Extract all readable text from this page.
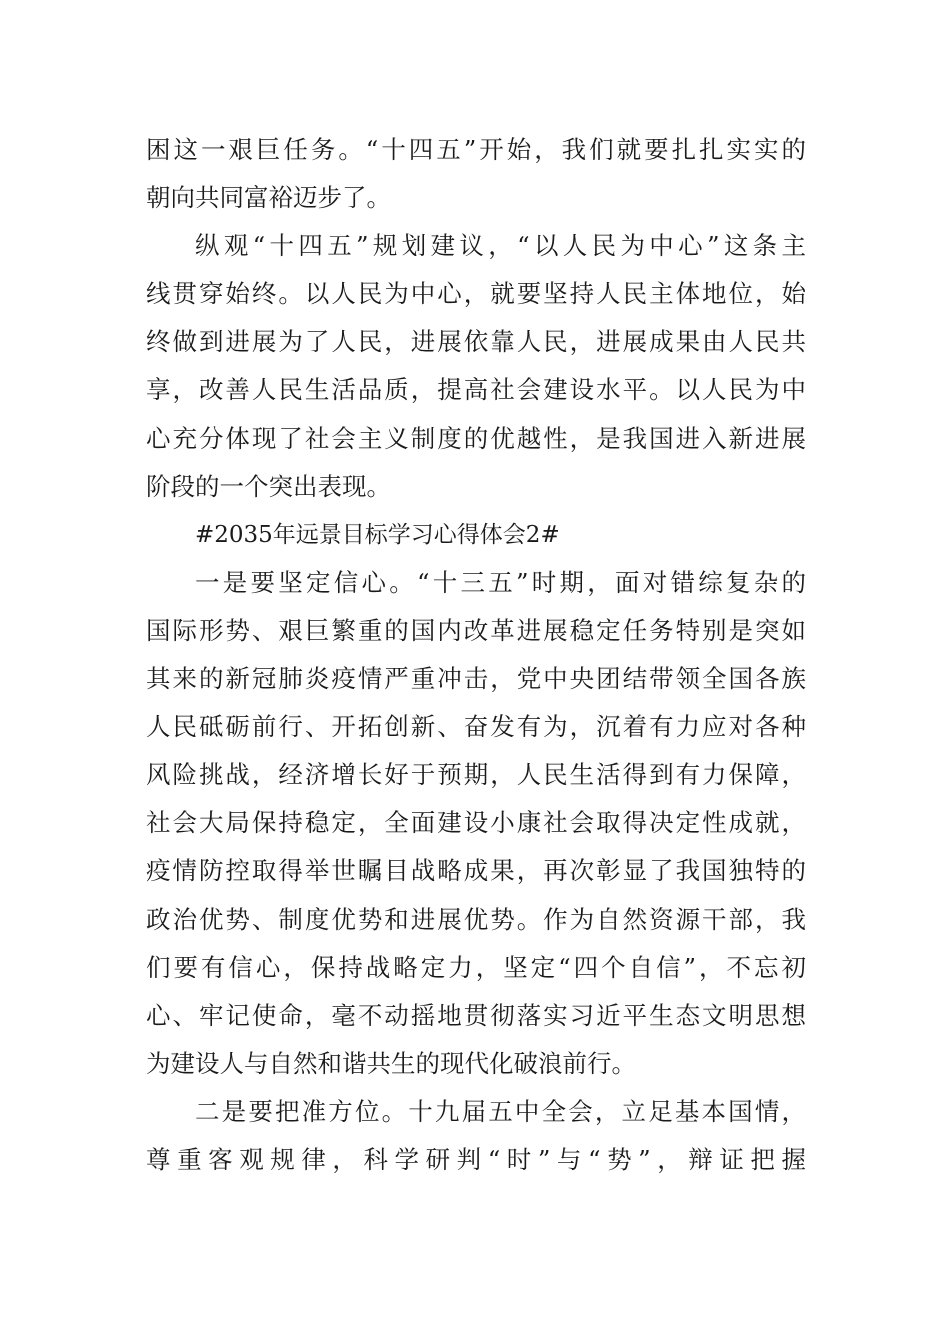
困这一艰巨任务。“十四五”开始，我们就要扎扎实实的
朝向共同富裕迈步了。
纵观“十四五”规划建议，“以人民为中心”这条主
线贯穿始终。以人民为中心，就要坚持人民主体地位，始
终做到进展为了人民，进展依靠人民，进展成果由人民共
享，改善人民生活品质，提高社会建设水平。以人民为中
心充分体现了社会主义制度的优越性，是我国进入新进展
阶段的一个突出表现。
#2035年远景目标学习心得体会2#
一是要坚定信心。“十三五”时期，面对错综复杂的
国际形势、艰巨繁重的国内改革进展稳定任务特别是突如
其来的新冠肺炎疫情严重冲击，党中央团结带领全国各族
人民砥砺前行、开拓创新、奋发有为，沉着有力应对各种
风险挑战，经济增长好于预期，人民生活得到有力保障，
社会大局保持稳定，全面建设小康社会取得决定性成就，
疫情防控取得举世瞩目战略成果，再次彰显了我国独特的
政治优势、制度优势和进展优势。作为自然资源干部，我
们要有信心，保持战略定力，坚定“四个自信”，不忘初
心、牢记使命，毫不动摇地贯彻落实习近平生态文明思想
为建设人与自然和谐共生的现代化破浪前行。
二是要把准方位。十九届五中全会，立足基本国情，
尊重客观规律，科学研判“时”与“势”，辩证把握
